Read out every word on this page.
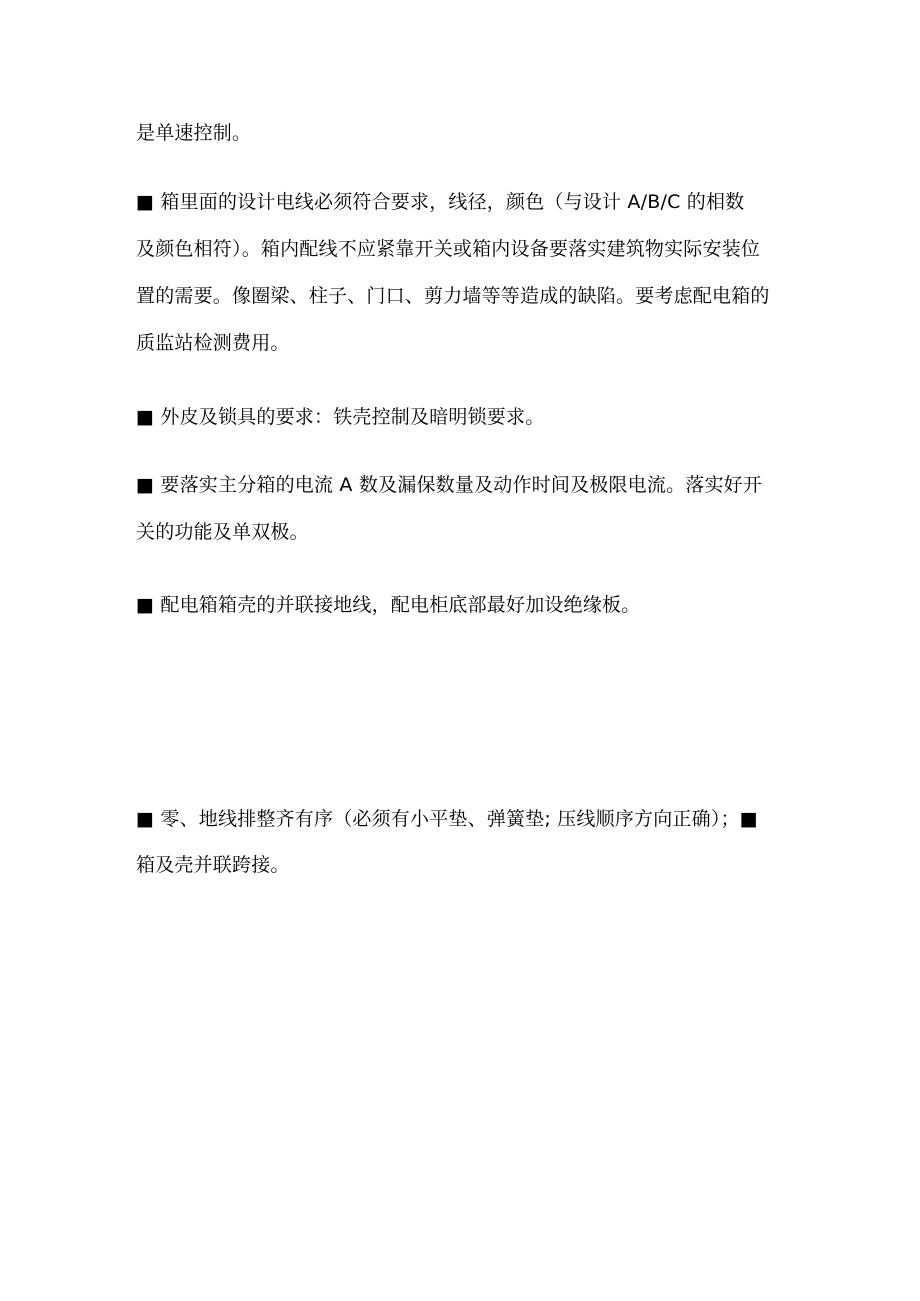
是单速控制。
■ 箱里面的设计电线必须符合要求，线径，颜色（与设计 A/B/C 的相数
及颜色相符）。箱内配线不应紧靠开关或箱内设备要落实建筑物实际安装位
置的需要。像圈梁、柱子、门口、剪力墙等等造成的缺陷。要考虑配电箱的
质监站检测费用。
■ 外皮及锁具的要求：铁壳控制及暗明锁要求。
■ 要落实主分箱的电流 A 数及漏保数量及动作时间及极限电流。落实好开
关的功能及单双极。
■ 配电箱箱壳的并联接地线，配电柜底部最好加设绝缘板。
■ 零、地线排整齐有序（必须有小平垫、弹簧垫; 压线顺序方向正确）；■
箱及壳并联跨接。
